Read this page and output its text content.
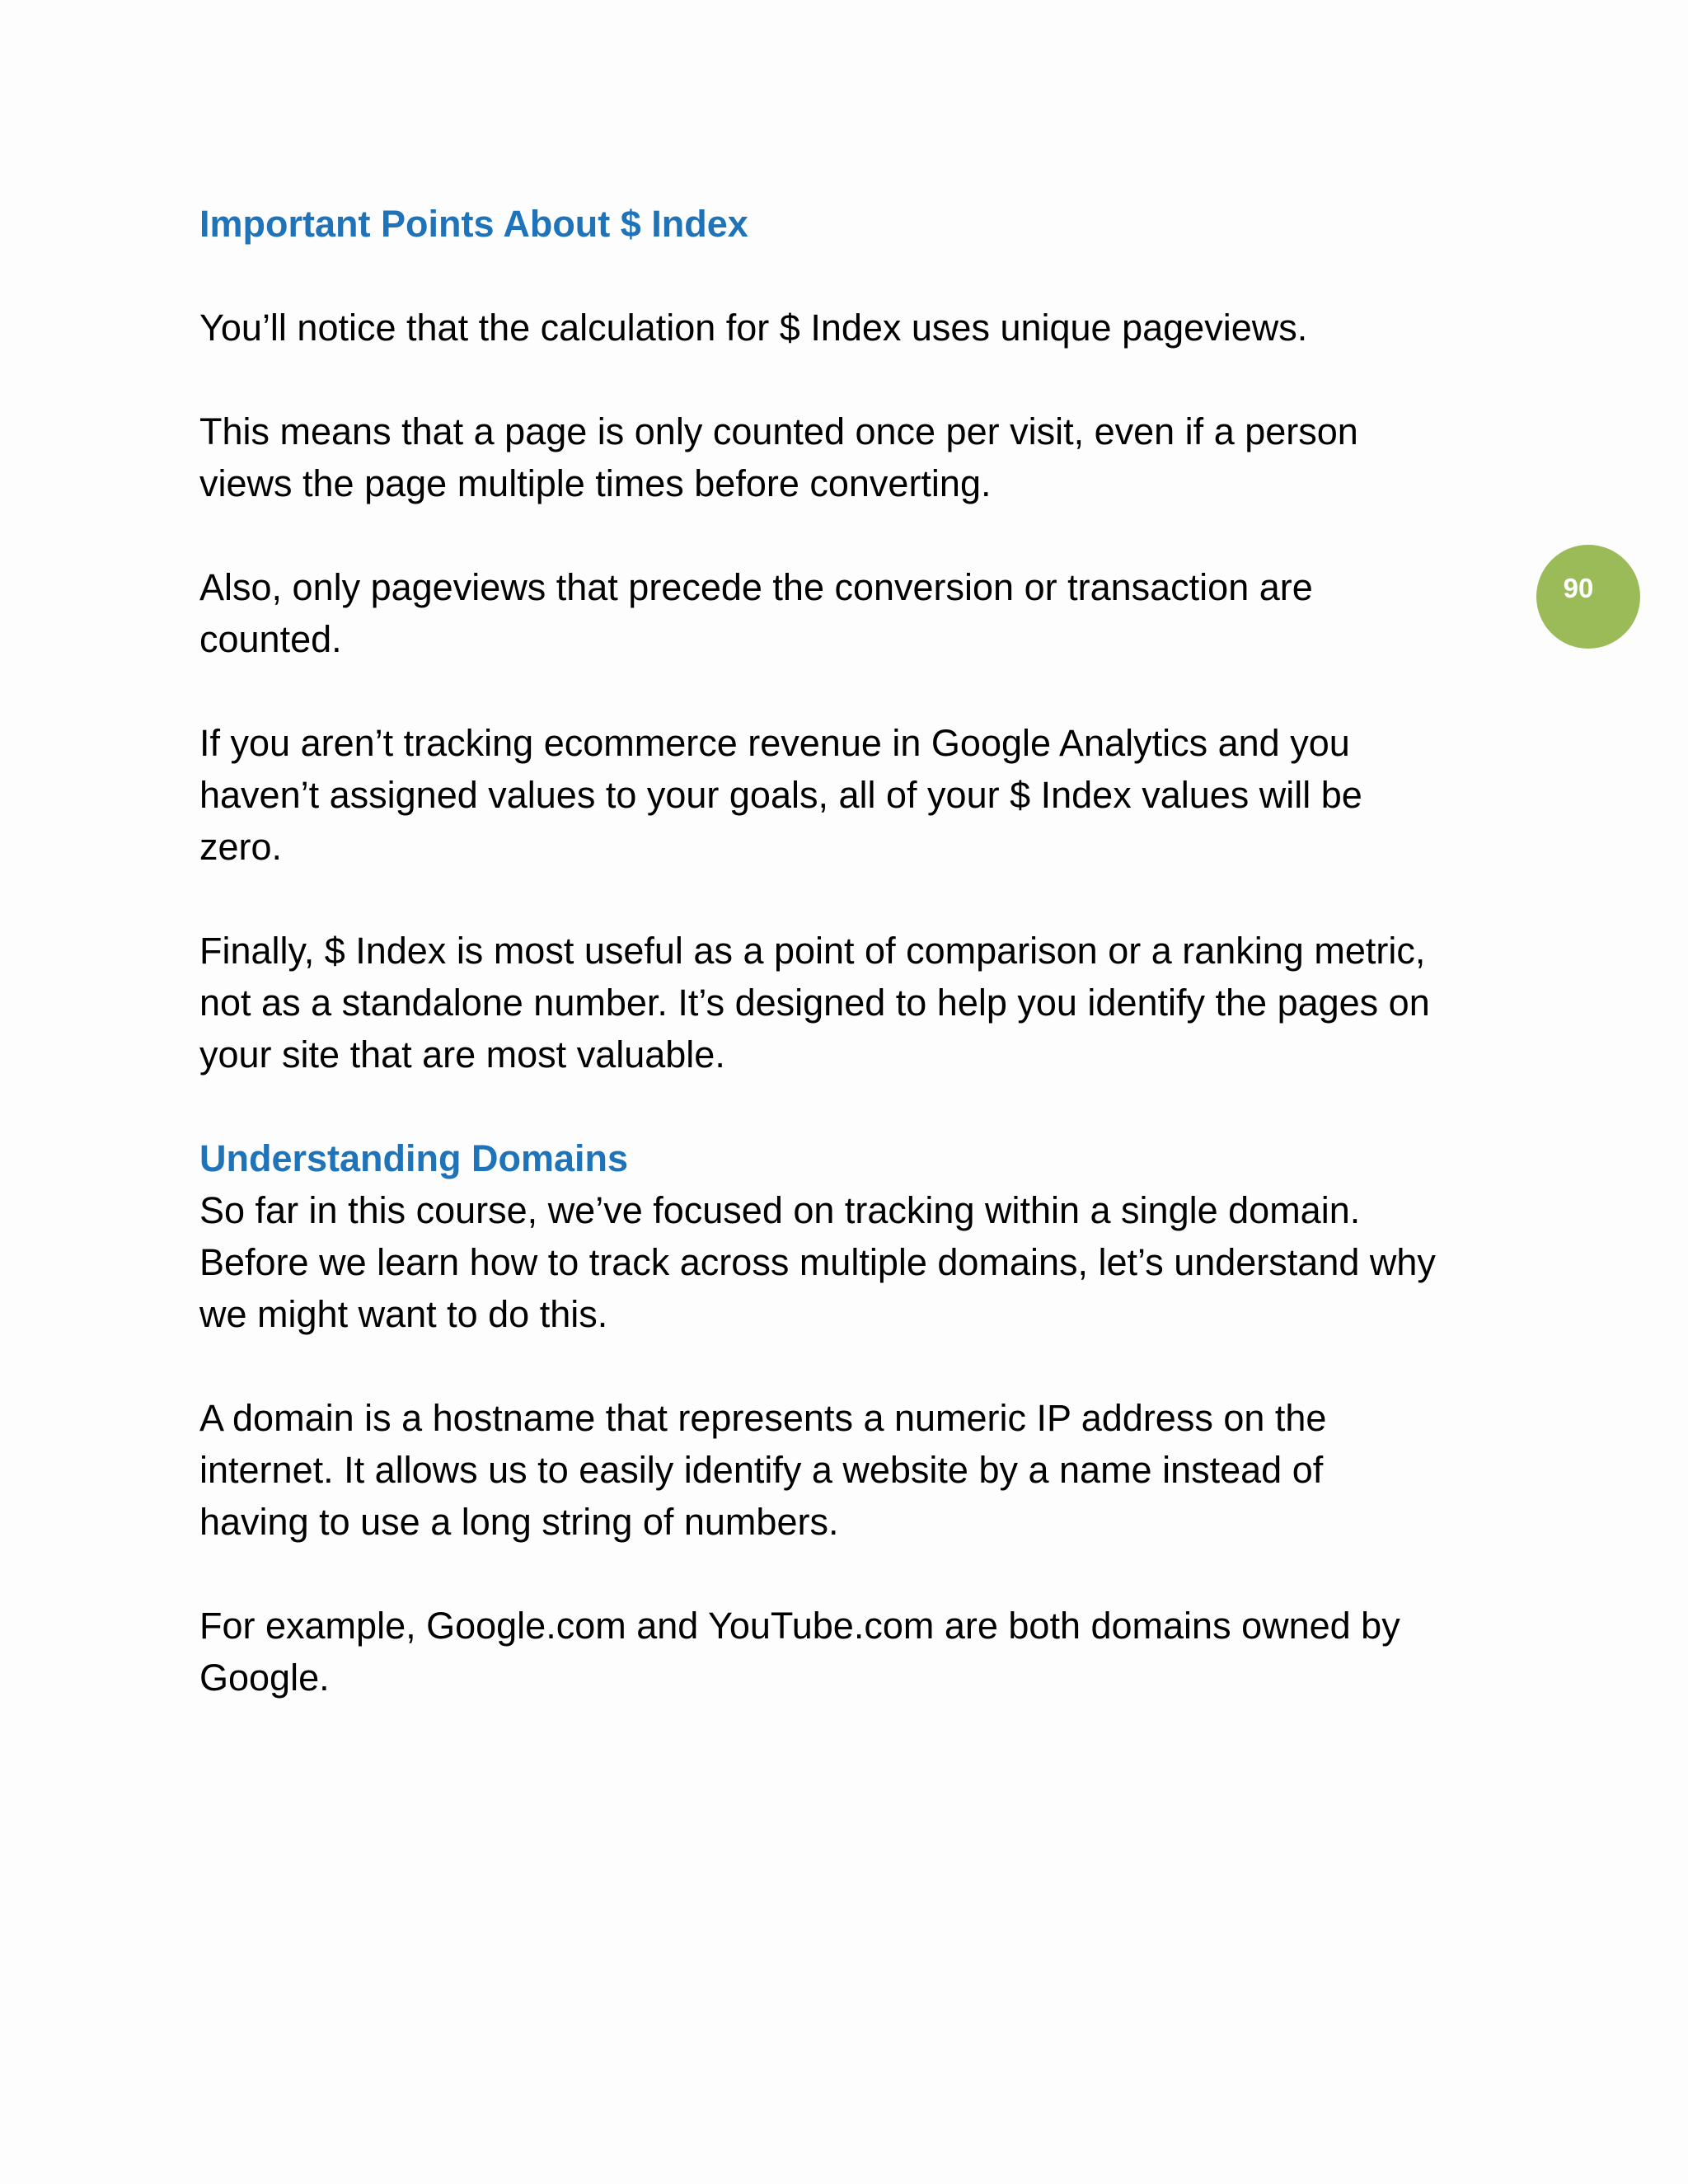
Important Points About $ Index

You’ll notice that the calculation for $ Index uses unique pageviews.

This means that a page is only counted once per visit, even if a person
views the page multiple times before converting.

Also, only pageviews that precede the conversion or transaction are
counted.

If you aren’t tracking ecommerce revenue in Google Analytics and you
haven’t assigned values to your goals, all of your $ Index values will be
zero.

Finally, $ Index is most useful as a point of comparison or a ranking metric,
not as a standalone number. It’s designed to help you identify the pages on
your site that are most valuable.

Understanding Domains

So far in this course, we’ve focused on tracking within a single domain.
Before we learn how to track across multiple domains, let’s understand why
we might want to do this.

A domain is a hostname that represents a numeric IP address on the
internet. It allows us to easily identify a website by a name instead of
having to use a long string of numbers.

For example, Google.com and YouTube.com are both domains owned by
Google.

90
